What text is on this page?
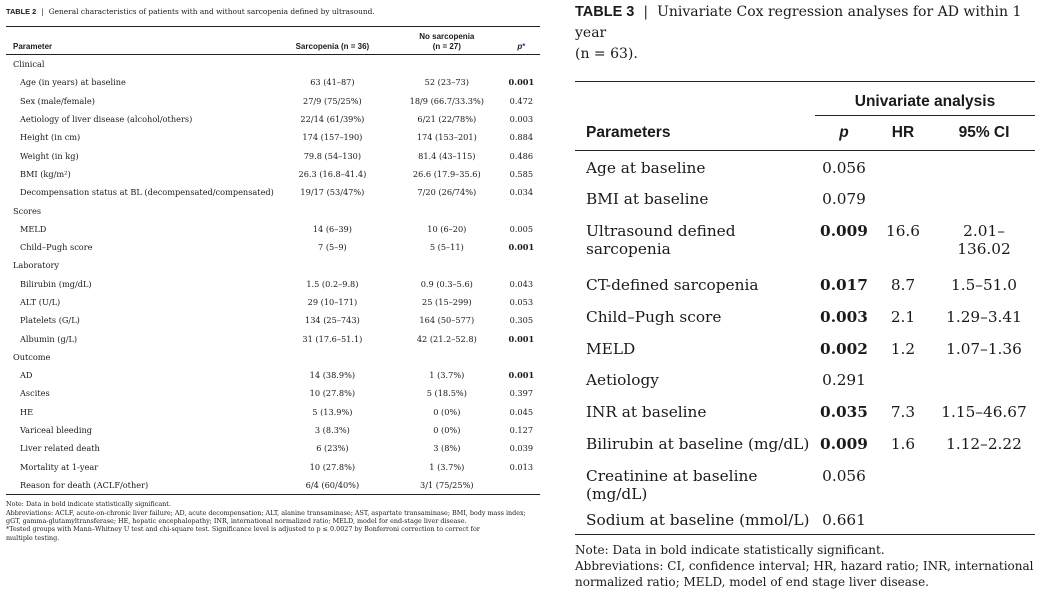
TABLE 2 | General characteristics of patients with and without sarcopenia defined by ultrasound.
Parameter	Sarcopenia (n = 36)	No sarcopenia
(n = 27)	p*
Clinical			
Age (in years) at baseline	63 (41–87)	52 (23–73)	0.001
Sex (male/female)	27/9 (75/25%)	18/9 (66.7/33.3%)	0.472
Aetiology of liver disease (alcohol/others)	22/14 (61/39%)	6/21 (22/78%)	0.003
Height (in cm)	174 (157–190)	174 (153–201)	0.884
Weight (in kg)	79.8 (54–130)	81.4 (43–115)	0.486
BMI (kg/m²)	26.3 (16.8–41.4)	26.6 (17.9–35.6)	0.585
Decompensation status at BL (decompensated/compensated)	19/17 (53/47%)	7/20 (26/74%)	0.034
Scores			
MELD	14 (6–39)	10 (6–20)	0.005
Child–Pugh score	7 (5–9)	5 (5–11)	0.001
Laboratory			
Bilirubin (mg/dL)	1.5 (0.2–9.8)	0.9 (0.3–5.6)	0.043
ALT (U/L)	29 (10–171)	25 (15–299)	0.053
Platelets (G/L)	134 (25–743)	164 (50–577)	0.305
Albumin (g/L)	31 (17.6–51.1)	42 (21.2–52.8)	0.001
Outcome			
AD	14 (38.9%)	1 (3.7%)	0.001
Ascites	10 (27.8%)	5 (18.5%)	0.397
HE	5 (13.9%)	0 (0%)	0.045
Variceal bleeding	3 (8.3%)	0 (0%)	0.127
Liver related death	6 (23%)	3 (8%)	0.039
Mortality at 1-year	10 (27.8%)	1 (3.7%)	0.013
Reason for death (ACLF/other)	6/4 (60/40%)	3/1 (75/25%)	
Note: Data in bold indicate statistically significant.
Abbreviations: ACLF, acute-on-chronic liver failure; AD, acute decompensation; ALT, alanine transaminase; AST, aspartate transaminase; BMI, body mass index;
gGT, gamma-glutamyltransferase; HE, hepatic encephalopathy; INR, international normalized ratio; MELD, model for end-stage liver disease.
*Tested groups with Mann–Whitney U test and chi-square test. Significance level is adjusted to p ≤ 0.0027 by Bonferroni correction to correct for
multiple testing.
TABLE 3 | Univariate Cox regression analyses for AD within 1 year
(n = 63).
	Univariate analysis		
Parameters	p	HR	95% CI
Age at baseline	0.056		

BMI at baseline	0.079		

Ultrasound defined sarcopenia	0.009	16.6	2.01–
136.02

CT-defined sarcopenia	0.017	8.7	1.5–51.0

Child–Pugh score	0.003	2.1	1.29–3.41

MELD	0.002	1.2	1.07–1.36

Aetiology	0.291		

INR at baseline	0.035	7.3	1.15–46.67

Bilirubin at baseline (mg/dL)	0.009	1.6	1.12–2.22

Creatinine at baseline (mg/dL)	0.056		

Sodium at baseline (mmol/L)	0.661		
Note: Data in bold indicate statistically significant.
Abbreviations: CI, confidence interval; HR, hazard ratio; INR, international
normalized ratio; MELD, model of end stage liver disease.
